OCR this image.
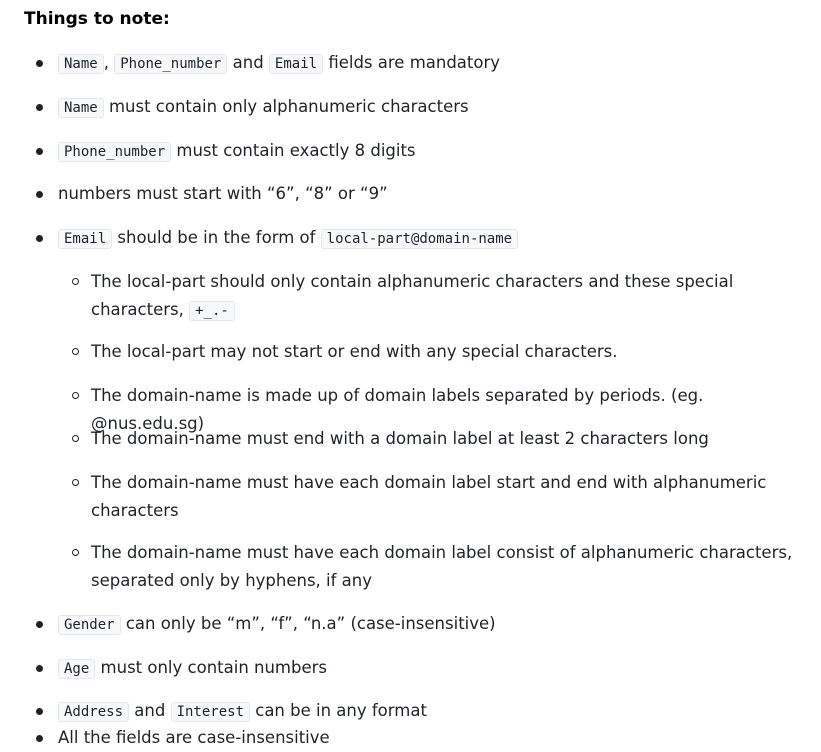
Things to note:
Name , Phone_number and Email fields are mandatory
Name must contain only alphanumeric characters
Phone_number must contain exactly 8 digits
numbers must start with “6”, “8” or “9”
Email should be in the form of local-part@domain-name
The local-part should only contain alphanumeric characters and these special characters, +_.-
The local-part may not start or end with any special characters.
The domain-name is made up of domain labels separated by periods. (eg. @nus.edu.sg)
The domain-name must end with a domain label at least 2 characters long
The domain-name must have each domain label start and end with alphanumeric characters
The domain-name must have each domain label consist of alphanumeric characters, separated only by hyphens, if any
Gender can only be “m”, “f”, “n.a” (case-insensitive)
Age must only contain numbers
Address and Interest can be in any format
All the fields are case-insensitive
